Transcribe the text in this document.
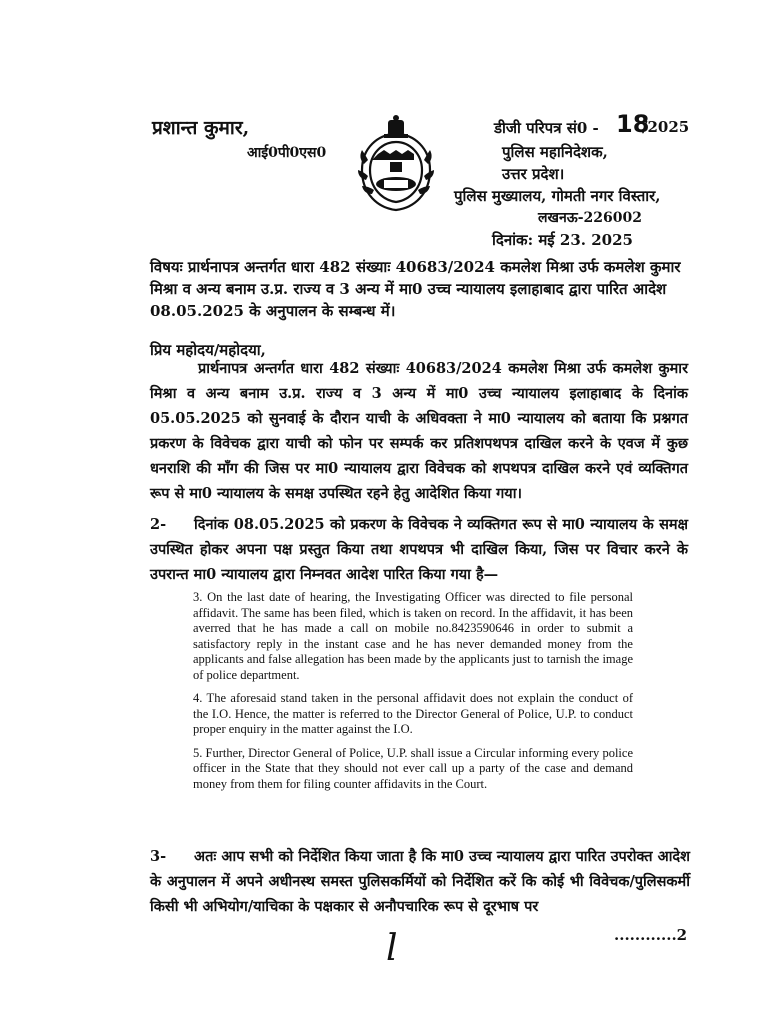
प्रशान्त कुमार,
आई0पी0एस0
डीजी परिपत्र सं0 - 18
/2025
पुलिस महानिदेशक,
उत्तर प्रदेश।
पुलिस मुख्यालय, गोमती नगर विस्तार,
लखनऊ-226002
दिनांक: मई 23. 2025
विषयः प्रार्थनापत्र अन्तर्गत धारा 482 संख्याः 40683/2024 कमलेश मिश्रा उर्फ कमलेश कुमार मिश्रा व अन्य बनाम उ.प्र. राज्य व 3 अन्य में मा0 उच्च न्यायालय इलाहाबाद द्वारा पारित आदेश 08.05.2025 के अनुपालन के सम्बन्ध में।
प्रिय महोदय/महोदया,
प्रार्थनापत्र अन्तर्गत धारा 482 संख्याः 40683/2024 कमलेश मिश्रा उर्फ कमलेश कुमार मिश्रा व अन्य बनाम उ.प्र. राज्य व 3 अन्य में मा0 उच्च न्यायालय इलाहाबाद के दिनांक 05.05.2025 को सुनवाई के दौरान याची के अधिवक्ता ने मा0 न्यायालय को बताया कि प्रश्नगत प्रकरण के विवेचक द्वारा याची को फोन पर सम्पर्क कर प्रतिशपथपत्र दाखिल करने के एवज में कुछ धनराशि की माँग की जिस पर मा0 न्यायालय द्वारा विवेचक को शपथपत्र दाखिल करने एवं व्यक्तिगत रूप से मा0 न्यायालय के समक्ष उपस्थित रहने हेतु आदेशित किया गया।
2- दिनांक 08.05.2025 को प्रकरण के विवेचक ने व्यक्तिगत रूप से मा0 न्यायालय के समक्ष उपस्थित होकर अपना पक्ष प्रस्तुत किया तथा शपथपत्र भी दाखिल किया, जिस पर विचार करने के उपरान्त मा0 न्यायालय द्वारा निम्नवत आदेश पारित किया गया है—

3. On the last date of hearing, the Investigating Officer was directed to file personal affidavit. The same has been filed, which is taken on record. In the affidavit, it has been averred that he has made a call on mobile no.8423590646 in order to submit a satisfactory reply in the instant case and he has never demanded money from the applicants and false allegation has been made by the applicants just to tarnish the image of police department.

4. The aforesaid stand taken in the personal affidavit does not explain the conduct of the I.O. Hence, the matter is referred to the Director General of Police, U.P. to conduct proper enquiry in the matter against the I.O.

5. Further, Director General of Police, U.P. shall issue a Circular informing every police officer in the State that they should not ever call up a party of the case and demand money from them for filing counter affidavits in the Court.

3- अतः आप सभी को निर्देशित किया जाता है कि मा0 उच्च न्यायालय द्वारा पारित उपरोक्त आदेश के अनुपालन में अपने अधीनस्थ समस्त पुलिसकर्मियों को निर्देशित करें कि कोई भी विवेचक/पुलिसकर्मी किसी भी अभियोग/याचिका के पक्षकार से अनौपचारिक रूप से दूरभाष पर
l	............2
